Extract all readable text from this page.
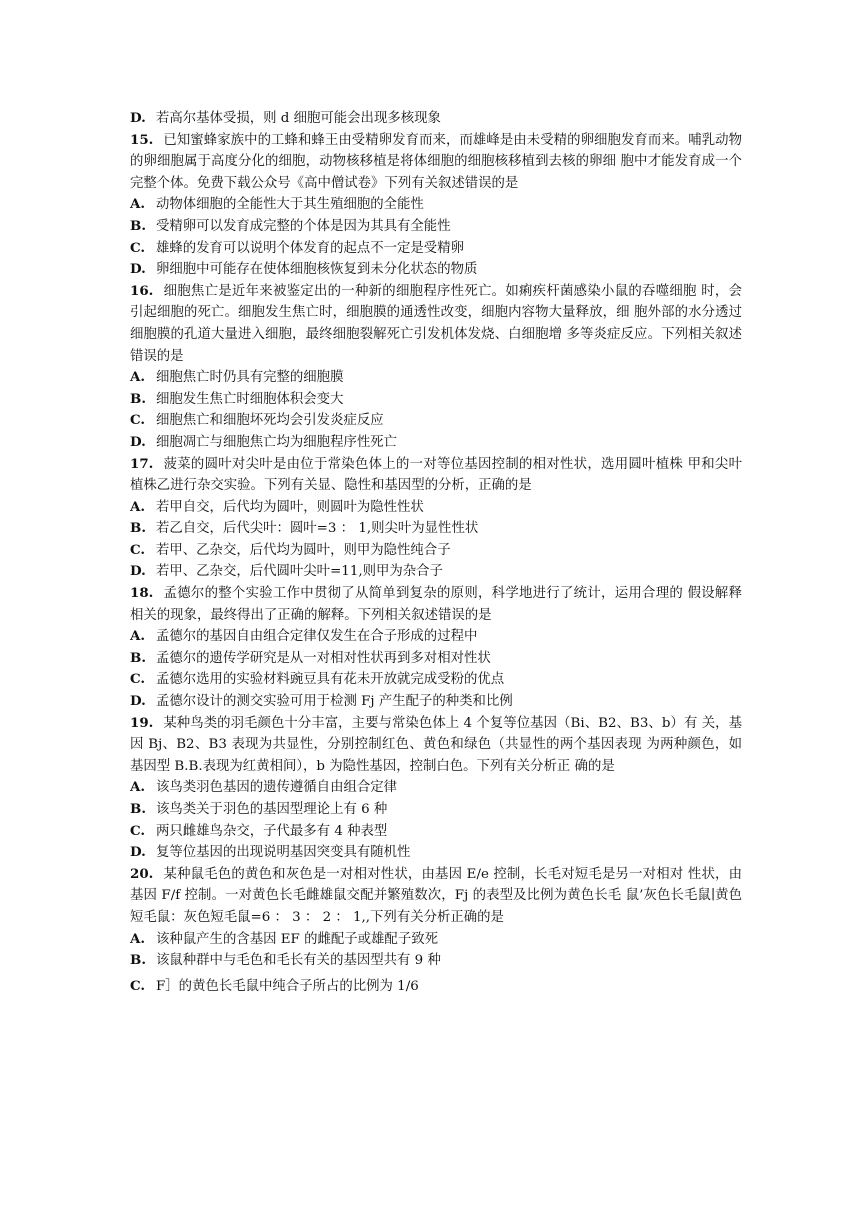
D. 若高尔基体受损，则 d 细胞可能会出现多核现象
15. 已知蜜蜂家族中的工蜂和蜂王由受精卵发育而来，而雄峰是由未受精的卵细胞发育而来。哺乳动物的卵细胞属于高度分化的细胞，动物核移植是将体细胞的细胞核移植到去核的卵细 胞中才能发育成一个完整个体。免费下载公众号《高中僧试卷》下列有关叙述错误的是
A. 动物体细胞的全能性大于其生殖细胞的全能性
B. 受精卵可以发育成完整的个体是因为其具有全能性
C. 雄蜂的发育可以说明个体发育的起点不一定是受精卵
D. 卵细胞中可能存在使体细胞核恢复到未分化状态的物质
16. 细胞焦亡是近年来被鉴定出的一种新的细胞程序性死亡。如痢疾杆菌感染小鼠的吞噬细胞 时，会引起细胞的死亡。细胞发生焦亡时，细胞膜的通透性改变，细胞内容物大量释放，细 胞外部的水分透过细胞膜的孔道大量进入细胞，最终细胞裂解死亡引发机体发烧、白细胞增 多等炎症反应。下列相关叙述错误的是
A. 细胞焦亡时仍具有完整的细胞膜
B. 细胞发生焦亡时细胞体积会变大
C. 细胞焦亡和细胞坏死均会引发炎症反应
D. 细胞凋亡与细胞焦亡均为细胞程序性死亡
17. 菠菜的圆叶对尖叶是由位于常染色体上的一对等位基因控制的相对性状，选用圆叶植株 甲和尖叶植株乙进行杂交实验。下列有关显、隐性和基因型的分析，正确的是
A. 若甲自交，后代均为圆叶，则圆叶为隐性性状
B. 若乙自交，后代尖叶：圆叶=3 ： 1,则尖叶为显性性状
C. 若甲、乙杂交，后代均为圆叶，则甲为隐性纯合子
D. 若甲、乙杂交，后代圆叶尖叶=11,则甲为杂合子
18. 孟德尔的整个实验工作中贯彻了从简单到复杂的原则，科学地进行了统计，运用合理的 假设解释相关的现象，最终得出了正确的解释。下列相关叙述错误的是
A. 孟德尔的基因自由组合定律仅发生在合子形成的过程中
B. 孟德尔的遗传学研究是从一对相对性状再到多对相对性状
C. 孟德尔选用的实验材料豌豆具有花未开放就完成受粉的优点
D. 孟德尔设计的测交实验可用于检测 Fj 产生配子的种类和比例
19. 某种鸟类的羽毛颜色十分丰富，主要与常染色体上 4 个复等位基因（Bi、B2、B3、b）有 关，基因 Bj、B2、B3 表现为共显性，分别控制红色、黄色和绿色（共显性的两个基因表现 为两种颜色，如基因型 B.B.表现为红黄相间），b 为隐性基因，控制白色。下列有关分析正 确的是
A. 该鸟类羽色基因的遗传遵循自由组合定律
B. 该鸟类关于羽色的基因型理论上有 6 种
C. 两只雌雄鸟杂交，子代最多有 4 种表型
D. 复等位基因的出现说明基因突变具有随机性
20. 某种鼠毛色的黄色和灰色是一对相对性状，由基因 E/e 控制，长毛对短毛是另一对相对 性状，由基因 F/f 控制。一对黄色长毛雌雄鼠交配并繁殖数次，Fj 的表型及比例为黄色长毛 鼠’灰色长毛鼠∣黄色短毛鼠：灰色短毛鼠=6 ： 3 ： 2 ： 1,,下列有关分析正确的是
A. 该种鼠产生的含基因 EF 的雌配子或雄配子致死
B. 该鼠种群中与毛色和毛长有关的基因型共有 9 种
C. F］的黄色长毛鼠中纯合子所占的比例为 1/6
